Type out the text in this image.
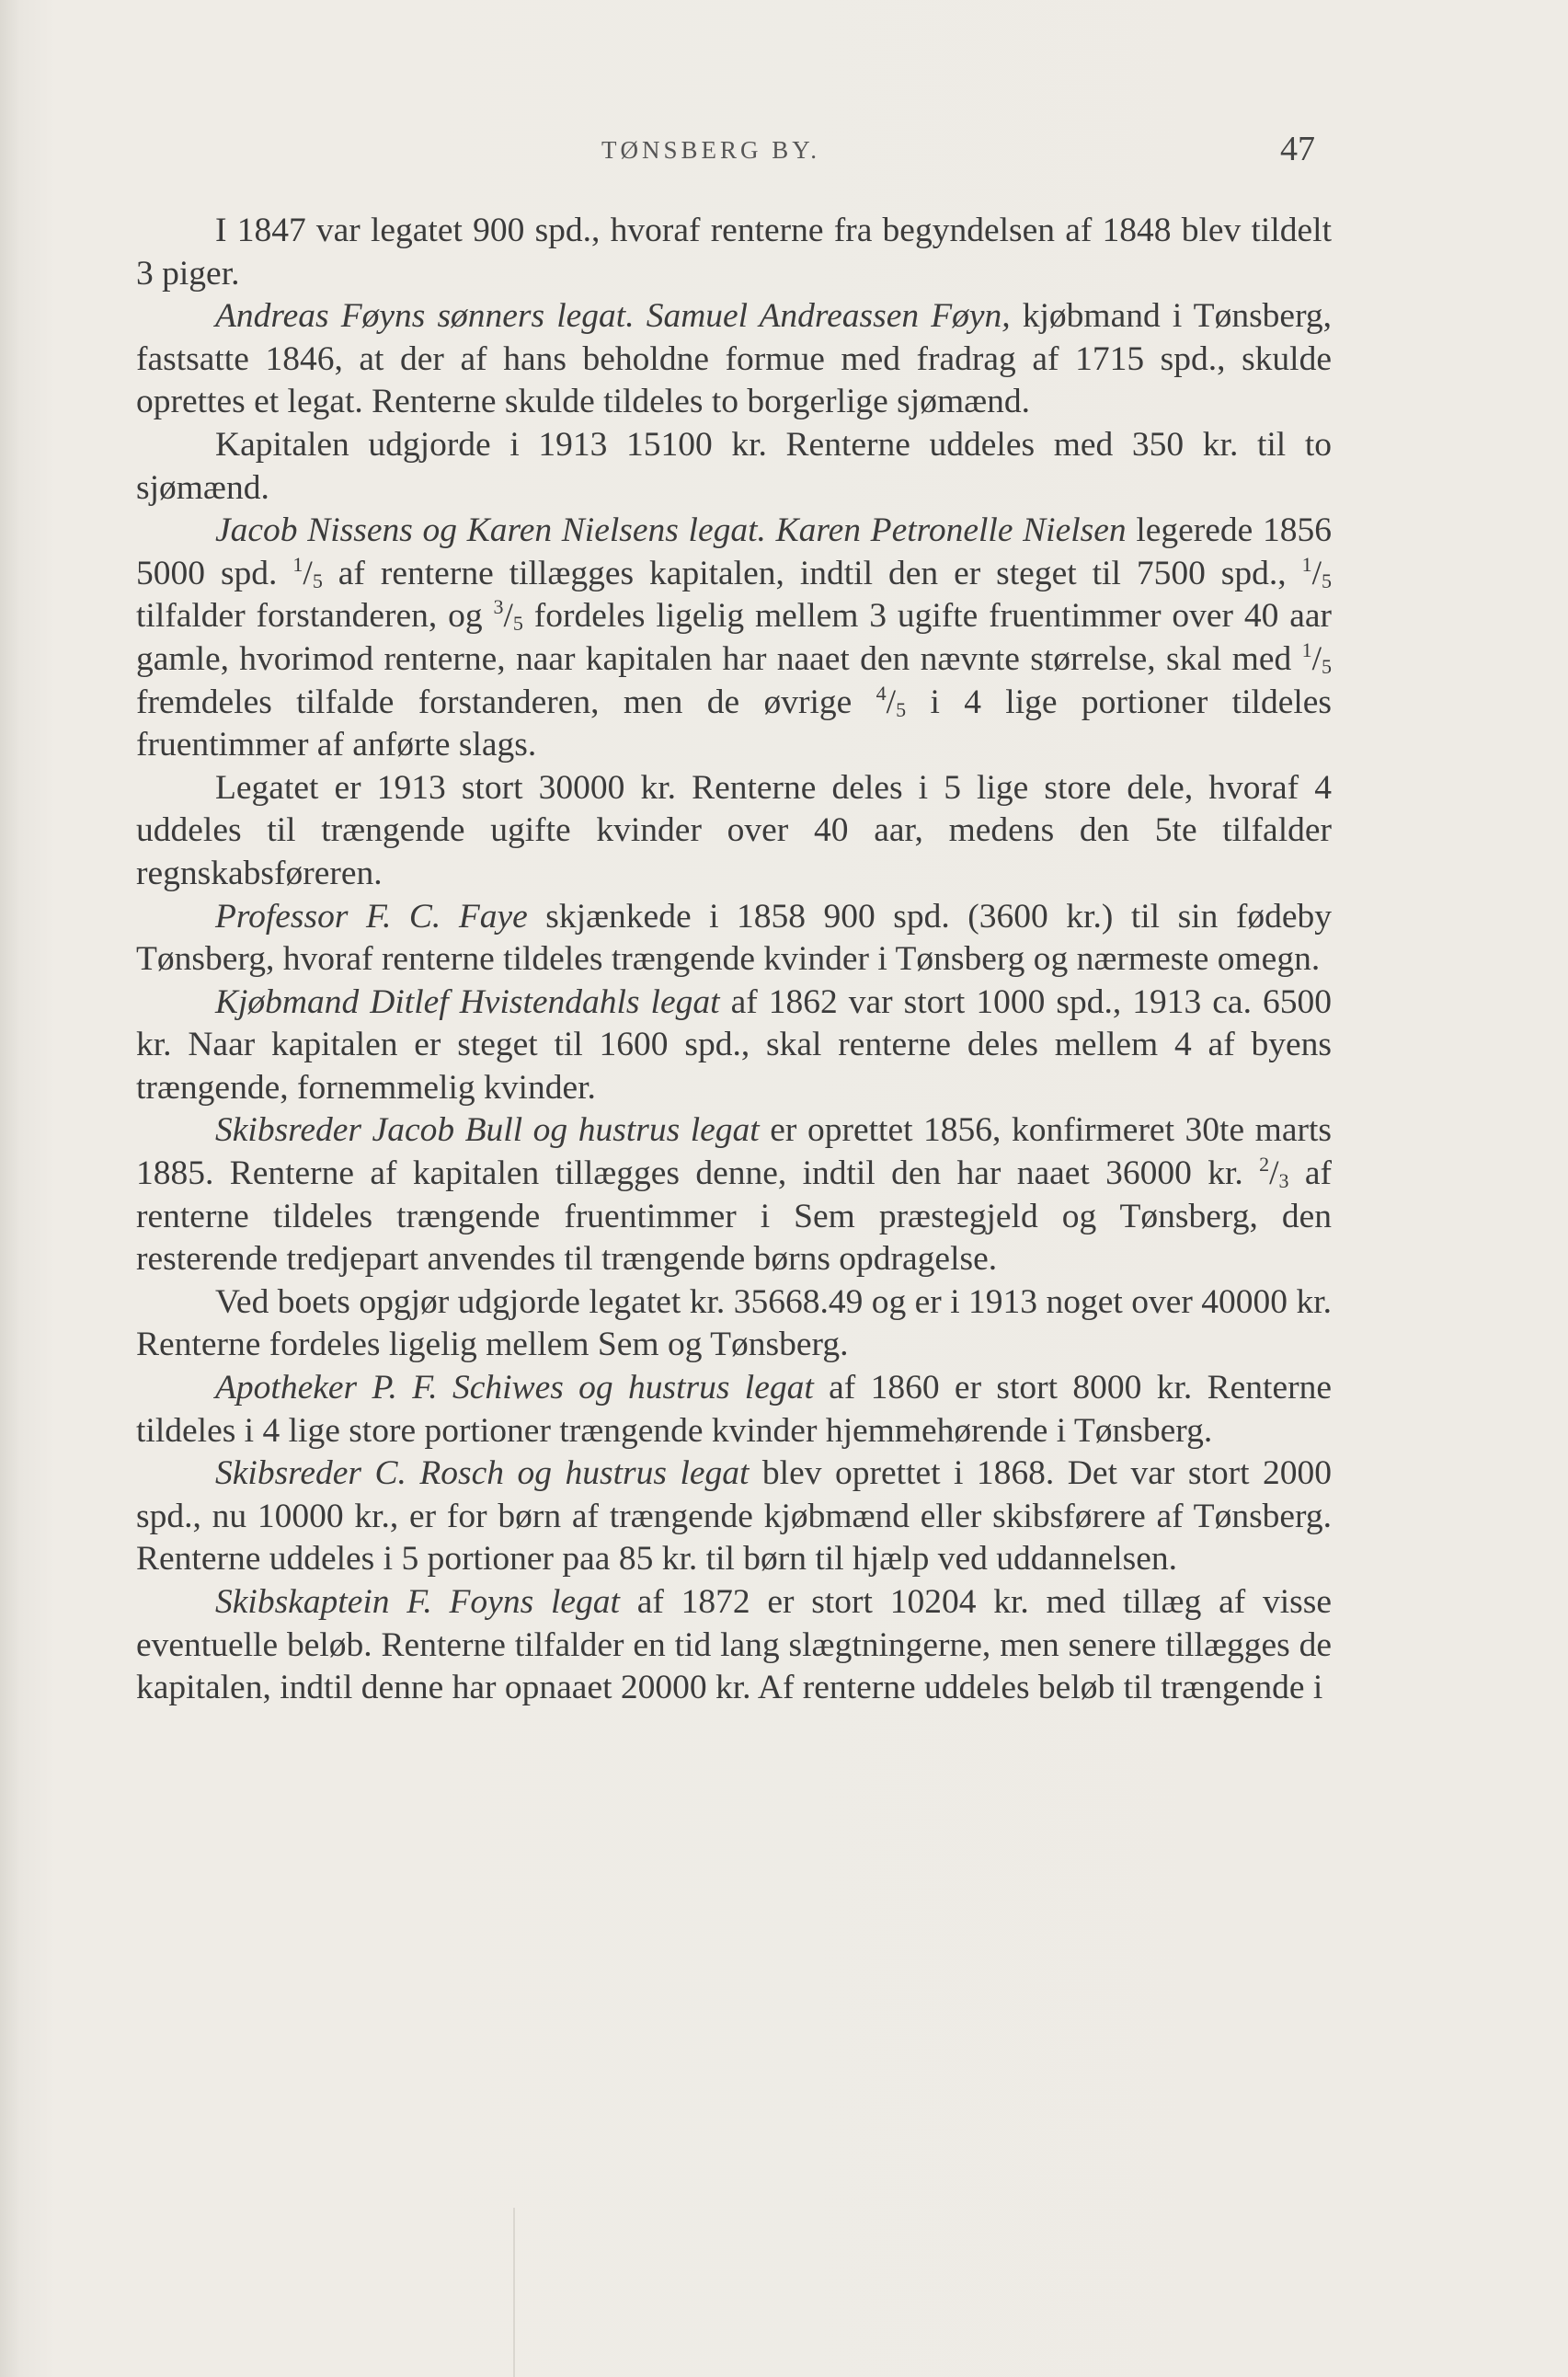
TØNSBERG BY.	47

I 1847 var legatet 900 spd., hvoraf renterne fra begyndelsen af 1848 blev tildelt 3 piger.

Andreas Føyns sønners legat. Samuel Andreassen Føyn, kjøbmand i Tønsberg, fastsatte 1846, at der af hans beholdne formue med fradrag af 1715 spd., skulde oprettes et legat. Renterne skulde tildeles to borgerlige sjømænd.

Kapitalen udgjorde i 1913 15100 kr. Renterne uddeles med 350 kr. til to sjømænd.

Jacob Nissens og Karen Nielsens legat. Karen Petronelle Nielsen legerede 1856 5000 spd. $^1/_5$ af renterne tillægges kapitalen, indtil den er steget til 7500 spd., $^1/_5$ tilfalder forstanderen, og $^3/_5$ fordeles ligelig mellem 3 ugifte fruentimmer over 40 aar gamle, hvorimod renterne, naar kapitalen har naaet den nævnte størrelse, skal med $^1/_5$ fremdeles tilfalde forstanderen, men de øvrige $^4/_5$ i 4 lige portioner tildeles fruentimmer af anførte slags.

Legatet er 1913 stort 30000 kr. Renterne deles i 5 lige store dele, hvoraf 4 uddeles til trængende ugifte kvinder over 40 aar, medens den 5te tilfalder regnskabsføreren.

Professor F. C. Faye skjænkede i 1858 900 spd. (3600 kr.) til sin fødeby Tønsberg, hvoraf renterne tildeles trængende kvinder i Tønsberg og nærmeste omegn.

Kjøbmand Ditlef Hvistendahls legat af 1862 var stort 1000 spd., 1913 ca. 6500 kr. Naar kapitalen er steget til 1600 spd., skal renterne deles mellem 4 af byens trængende, fornemmelig kvinder.

Skibsreder Jacob Bull og hustrus legat er oprettet 1856, konfirmeret 30te marts 1885. Renterne af kapitalen tillægges denne, indtil den har naaet 36000 kr. $^2/_3$ af renterne tildeles trængende fruentimmer i Sem præstegjeld og Tønsberg, den resterende tredjepart anvendes til trængende børns opdragelse.

Ved boets opgjør udgjorde legatet kr. 35668.49 og er i 1913 noget over 40000 kr. Renterne fordeles ligelig mellem Sem og Tønsberg.

Apotheker P. F. Schiwes og hustrus legat af 1860 er stort 8000 kr. Renterne tildeles i 4 lige store portioner trængende kvinder hjemmehørende i Tønsberg.

Skibsreder C. Rosch og hustrus legat blev oprettet i 1868. Det var stort 2000 spd., nu 10000 kr., er for børn af trængende kjøbmænd eller skibsførere af Tønsberg. Renterne uddeles i 5 portioner paa 85 kr. til børn til hjælp ved uddannelsen.

Skibskaptein F. Foyns legat af 1872 er stort 10204 kr. med tillæg af visse eventuelle beløb. Renterne tilfalder en tid lang slægtningerne, men senere tillægges de kapitalen, indtil denne har opnaaet 20000 kr. Af renterne uddeles beløb til trængende i
